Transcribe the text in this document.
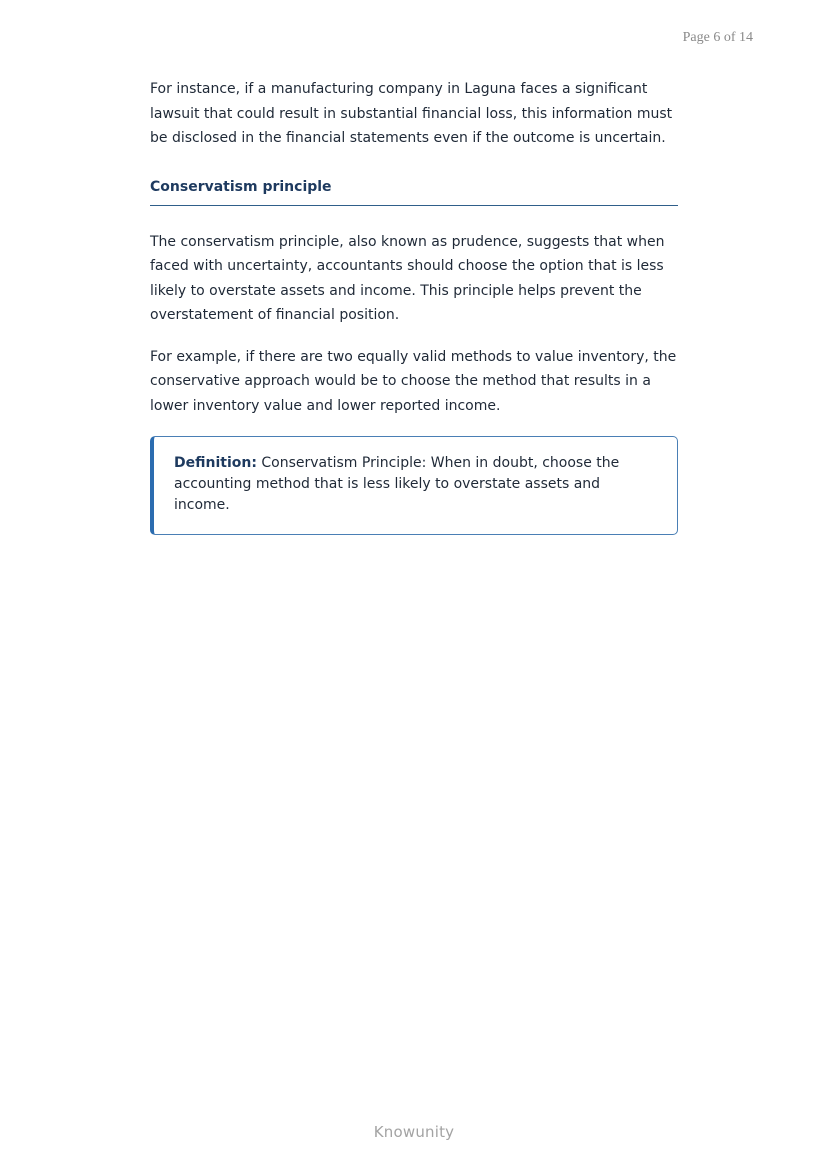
Page 6 of 14

For instance, if a manufacturing company in Laguna faces a significant lawsuit that could result in substantial financial loss, this information must be disclosed in the financial statements even if the outcome is uncertain.

Conservatism principle

The conservatism principle, also known as prudence, suggests that when faced with uncertainty, accountants should choose the option that is less likely to overstate assets and income. This principle helps prevent the overstatement of financial position.

For example, if there are two equally valid methods to value inventory, the conservative approach would be to choose the method that results in a lower inventory value and lower reported income.

Definition: Conservatism Principle: When in doubt, choose the accounting method that is less likely to overstate assets and income.
Knowunity
